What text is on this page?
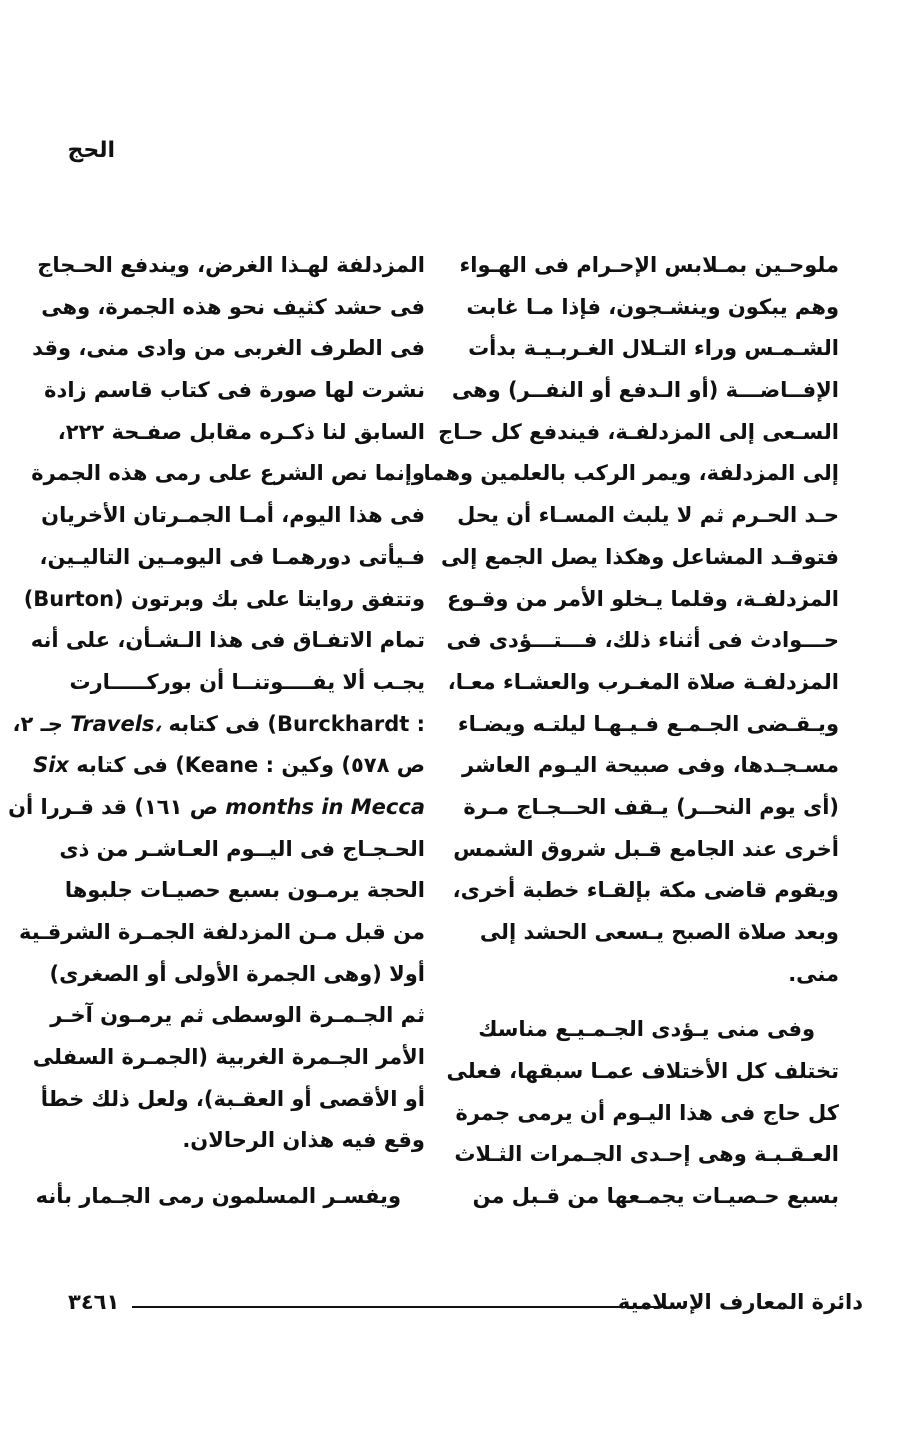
الحج
ملوحـين بمـلابس الإحـرام فى الهـواء
وهم يبكون وينشـجون، فإذا مـا غابت
الشـمـس وراء التـلال الغـربـيـة بدأت
الإفــاضـــة (أو الـدفع أو النفــر) وهى
السـعى إلى المزدلفـة، فيندفع كل حـاج
إلى المزدلفة، ويمر الركب بالعلمين وهما
حـد الحـرم ثم لا يلبث المسـاء أن يحل
فتوقـد المشاعل وهكذا يصل الجمع إلى
المزدلفـة، وقلما يـخلو الأمر من وقـوع
حـــوادث فى أثناء ذلك، فـــتـــؤدى فى
المزدلفـة صلاة المغـرب والعشـاء معـا،
ويـقـضى الجـمـع فـيـهـا ليلتـه ويضـاء
مسـجـدها، وفى صبيحة اليـوم العاشر
(أى يوم النحــر) يـقف الحــجـاج مـرة
أخرى عند الجامع قـبل شروق الشمس
ويقوم قاضى مكة بإلقـاء خطبة أخرى،
وبعد صلاة الصبح يـسعى الحشد إلى
منى.
وفى منى يـؤدى الجـمـيـع مناسك
تختلف كل الأختلاف عمـا سبقها، فعلى
كل حاج فى هذا اليـوم أن يرمى جمرة
العـقـبـة وهى إحـدى الجـمرات الثـلاث
بسبع حـصيـات يجمـعها من قـبل من
المزدلفة لهـذا الغرض، ويندفع الحـجاج
فى حشد كثيف نحو هذه الجمرة، وهى
فى الطرف الغربى من وادى منى، وقد
نشرت لها صورة فى كتاب قاسم زادة
السابق لنا ذكـره مقابل صفـحة ٢٢٢،
وإنما نص الشرع على رمى هذه الجمرة
فى هذا اليوم، أمـا الجمـرتان الأخريان
فـيأتى دورهمـا فى اليومـين التاليـين،
وتتفق روايتا على بك وبرتون (Burton)
تمام الاتفـاق فى هذا الـشـأن، على أنه
يجـب ألا يفــــوتنــا أن بوركـــــارت
(Burckhardt : فى كتابه Travels، جـ ٢،
ص ٥٧٨) وكين (Keane : فى كتابه Six
months in Mecca ص ١٦١) قد قـررا أن
الحـجـاج فى اليــوم العـاشـر من ذى
الحجة يرمـون بسبع حصيـات جلبوها
من قبل مـن المزدلفة الجمـرة الشرقـية
أولا (وهى الجمرة الأولى أو الصغرى)
ثم الجـمـرة الوسطى ثم يرمـون آخـر
الأمر الجـمرة الغربية (الجمـرة السفلى
أو الأقصى أو العقـبة)، ولعل ذلك خطأ
وقع فيه هذان الرحالان.
ويفسـر المسلمون رمى الجـمار بأنه
دائرة المعارف الإسلامية
٣٤٦١
